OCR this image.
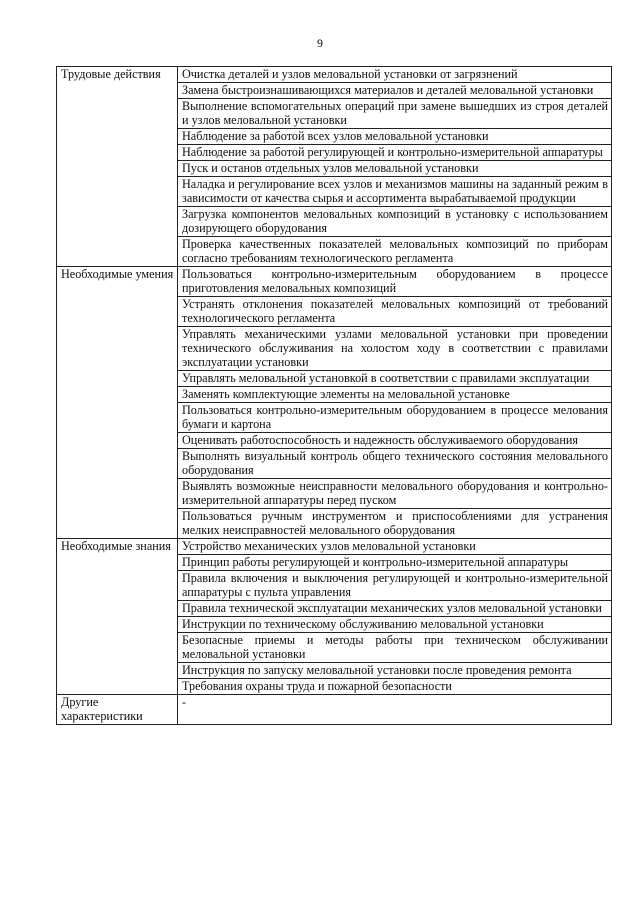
9
Трудовые действия	Очистка деталей и узлов меловальной установки от загрязнений
	Замена быстроизнашивающихся материалов и деталей меловальной установки
	Выполнение вспомогательных операций при замене вышедших из строя деталей и узлов меловальной установки
	Наблюдение за работой всех узлов меловальной установки
	Наблюдение за работой регулирующей и контрольно-измерительной аппаратуры
	Пуск и останов отдельных узлов меловальной установки
	Наладка и регулирование всех узлов и механизмов машины на заданный режим в зависимости от качества сырья и ассортимента вырабатываемой продукции
	Загрузка компонентов меловальных композиций в установку с использованием дозирующего оборудования
	Проверка качественных показателей меловальных композиций по приборам согласно требованиям технологического регламента

Необходимые умения	Пользоваться контрольно-измерительным оборудованием в процессе приготовления меловальных композиций
	Устранять отклонения показателей меловальных композиций от требований технологического регламента
	Управлять механическими узлами меловальной установки при проведении технического обслуживания на холостом ходу в соответствии с правилами эксплуатации установки
	Управлять меловальной установкой в соответствии с правилами эксплуатации
	Заменять комплектующие элементы на меловальной установке
	Пользоваться контрольно-измерительным оборудованием в процессе мелования бумаги и картона
	Оценивать работоспособность и надежность обслуживаемого оборудования
	Выполнять визуальный контроль общего технического состояния меловального оборудования
	Выявлять возможные неисправности меловального оборудования и контрольно-измерительной аппаратуры перед пуском
	Пользоваться ручным инструментом и приспособлениями для устранения мелких неисправностей меловального оборудования

Необходимые знания	Устройство механических узлов меловальной установки
	Принцип работы регулирующей и контрольно-измерительной аппаратуры
	Правила включения и выключения регулирующей и контрольно-измерительной аппаратуры с пульта управления
	Правила технической эксплуатации механических узлов меловальной установки
	Инструкции по техническому обслуживанию меловальной установки
	Безопасные приемы и методы работы при техническом обслуживании меловальной установки
	Инструкция по запуску меловальной установки после проведения ремонта
	Требования охраны труда и пожарной безопасности

Другие характеристики	-
